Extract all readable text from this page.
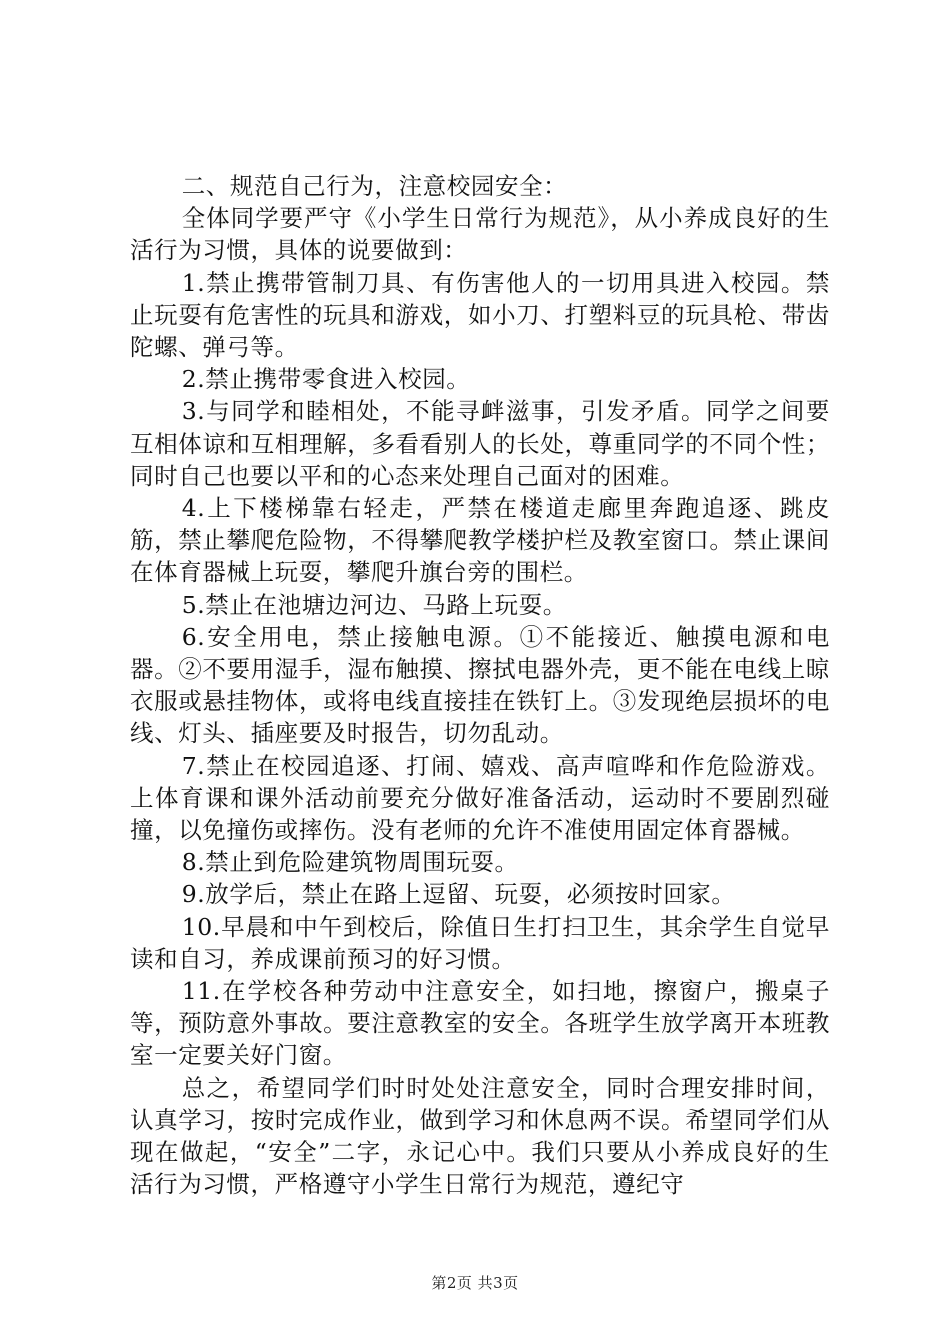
二、规范自己行为，注意校园安全：

全体同学要严守《小学生日常行为规范》，从小养成良好的生活行为习惯，具体的说要做到：

1.禁止携带管制刀具、有伤害他人的一切用具进入校园。禁止玩耍有危害性的玩具和游戏，如小刀、打塑料豆的玩具枪、带齿陀螺、弹弓等。

2.禁止携带零食进入校园。

3.与同学和睦相处，不能寻衅滋事，引发矛盾。同学之间要互相体谅和互相理解，多看看别人的长处，尊重同学的不同个性；同时自己也要以平和的心态来处理自己面对的困难。

4.上下楼梯靠右轻走，严禁在楼道走廊里奔跑追逐、跳皮筋，禁止攀爬危险物，不得攀爬教学楼护栏及教室窗口。禁止课间在体育器械上玩耍，攀爬升旗台旁的围栏。

5.禁止在池塘边河边、马路上玩耍。

6.安全用电，禁止接触电源。①不能接近、触摸电源和电器。②不要用湿手，湿布触摸、擦拭电器外壳，更不能在电线上晾衣服或悬挂物体，或将电线直接挂在铁钉上。③发现绝层损坏的电线、灯头、插座要及时报告，切勿乱动。

7.禁止在校园追逐、打闹、嬉戏、高声喧哗和作危险游戏。上体育课和课外活动前要充分做好准备活动，运动时不要剧烈碰撞，以免撞伤或摔伤。没有老师的允许不准使用固定体育器械。

8.禁止到危险建筑物周围玩耍。

9.放学后，禁止在路上逗留、玩耍，必须按时回家。

10.早晨和中午到校后，除值日生打扫卫生，其余学生自觉早读和自习，养成课前预习的好习惯。

11.在学校各种劳动中注意安全，如扫地，擦窗户，搬桌子等，预防意外事故。要注意教室的安全。各班学生放学离开本班教室一定要关好门窗。

总之，希望同学们时时处处注意安全，同时合理安排时间，认真学习，按时完成作业，做到学习和休息两不误。希望同学们从现在做起，“安全”二字，永记心中。我们只要从小养成良好的生活行为习惯，严格遵守小学生日常行为规范，遵纪守

第2页 共3页
